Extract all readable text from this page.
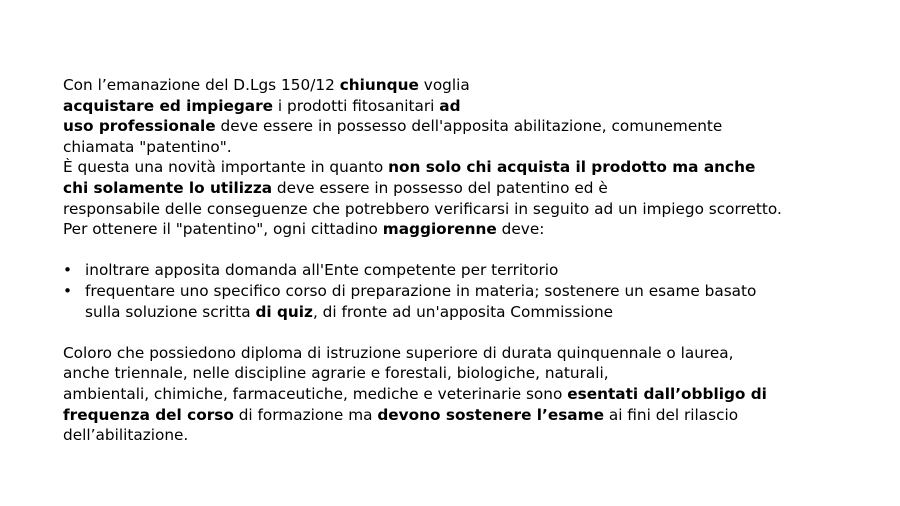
Con l’emanazione del D.Lgs 150/12 chiunque voglia
acquistare ed impiegare i prodotti fitosanitari ad
uso professionale deve essere in possesso dell'apposita abilitazione, comunemente
chiamata "patentino".
È questa una novità importante in quanto non solo chi acquista il prodotto ma anche
chi solamente lo utilizza deve essere in possesso del patentino ed è
responsabile delle conseguenze che potrebbero verificarsi in seguito ad un impiego scorretto.
Per ottenere il "patentino", ogni cittadino maggiorenne deve:
• inoltrare apposita domanda all'Ente competente per territorio
• frequentare uno specifico corso di preparazione in materia; sostenere un esame basato
sulla soluzione scritta di quiz, di fronte ad un'apposita Commissione
Coloro che possiedono diploma di istruzione superiore di durata quinquennale o laurea,
anche triennale, nelle discipline agrarie e forestali, biologiche, naturali,
ambientali, chimiche, farmaceutiche, mediche e veterinarie sono esentati dall’obbligo di
frequenza del corso di formazione ma devono sostenere l’esame ai fini del rilascio
dell’abilitazione.
